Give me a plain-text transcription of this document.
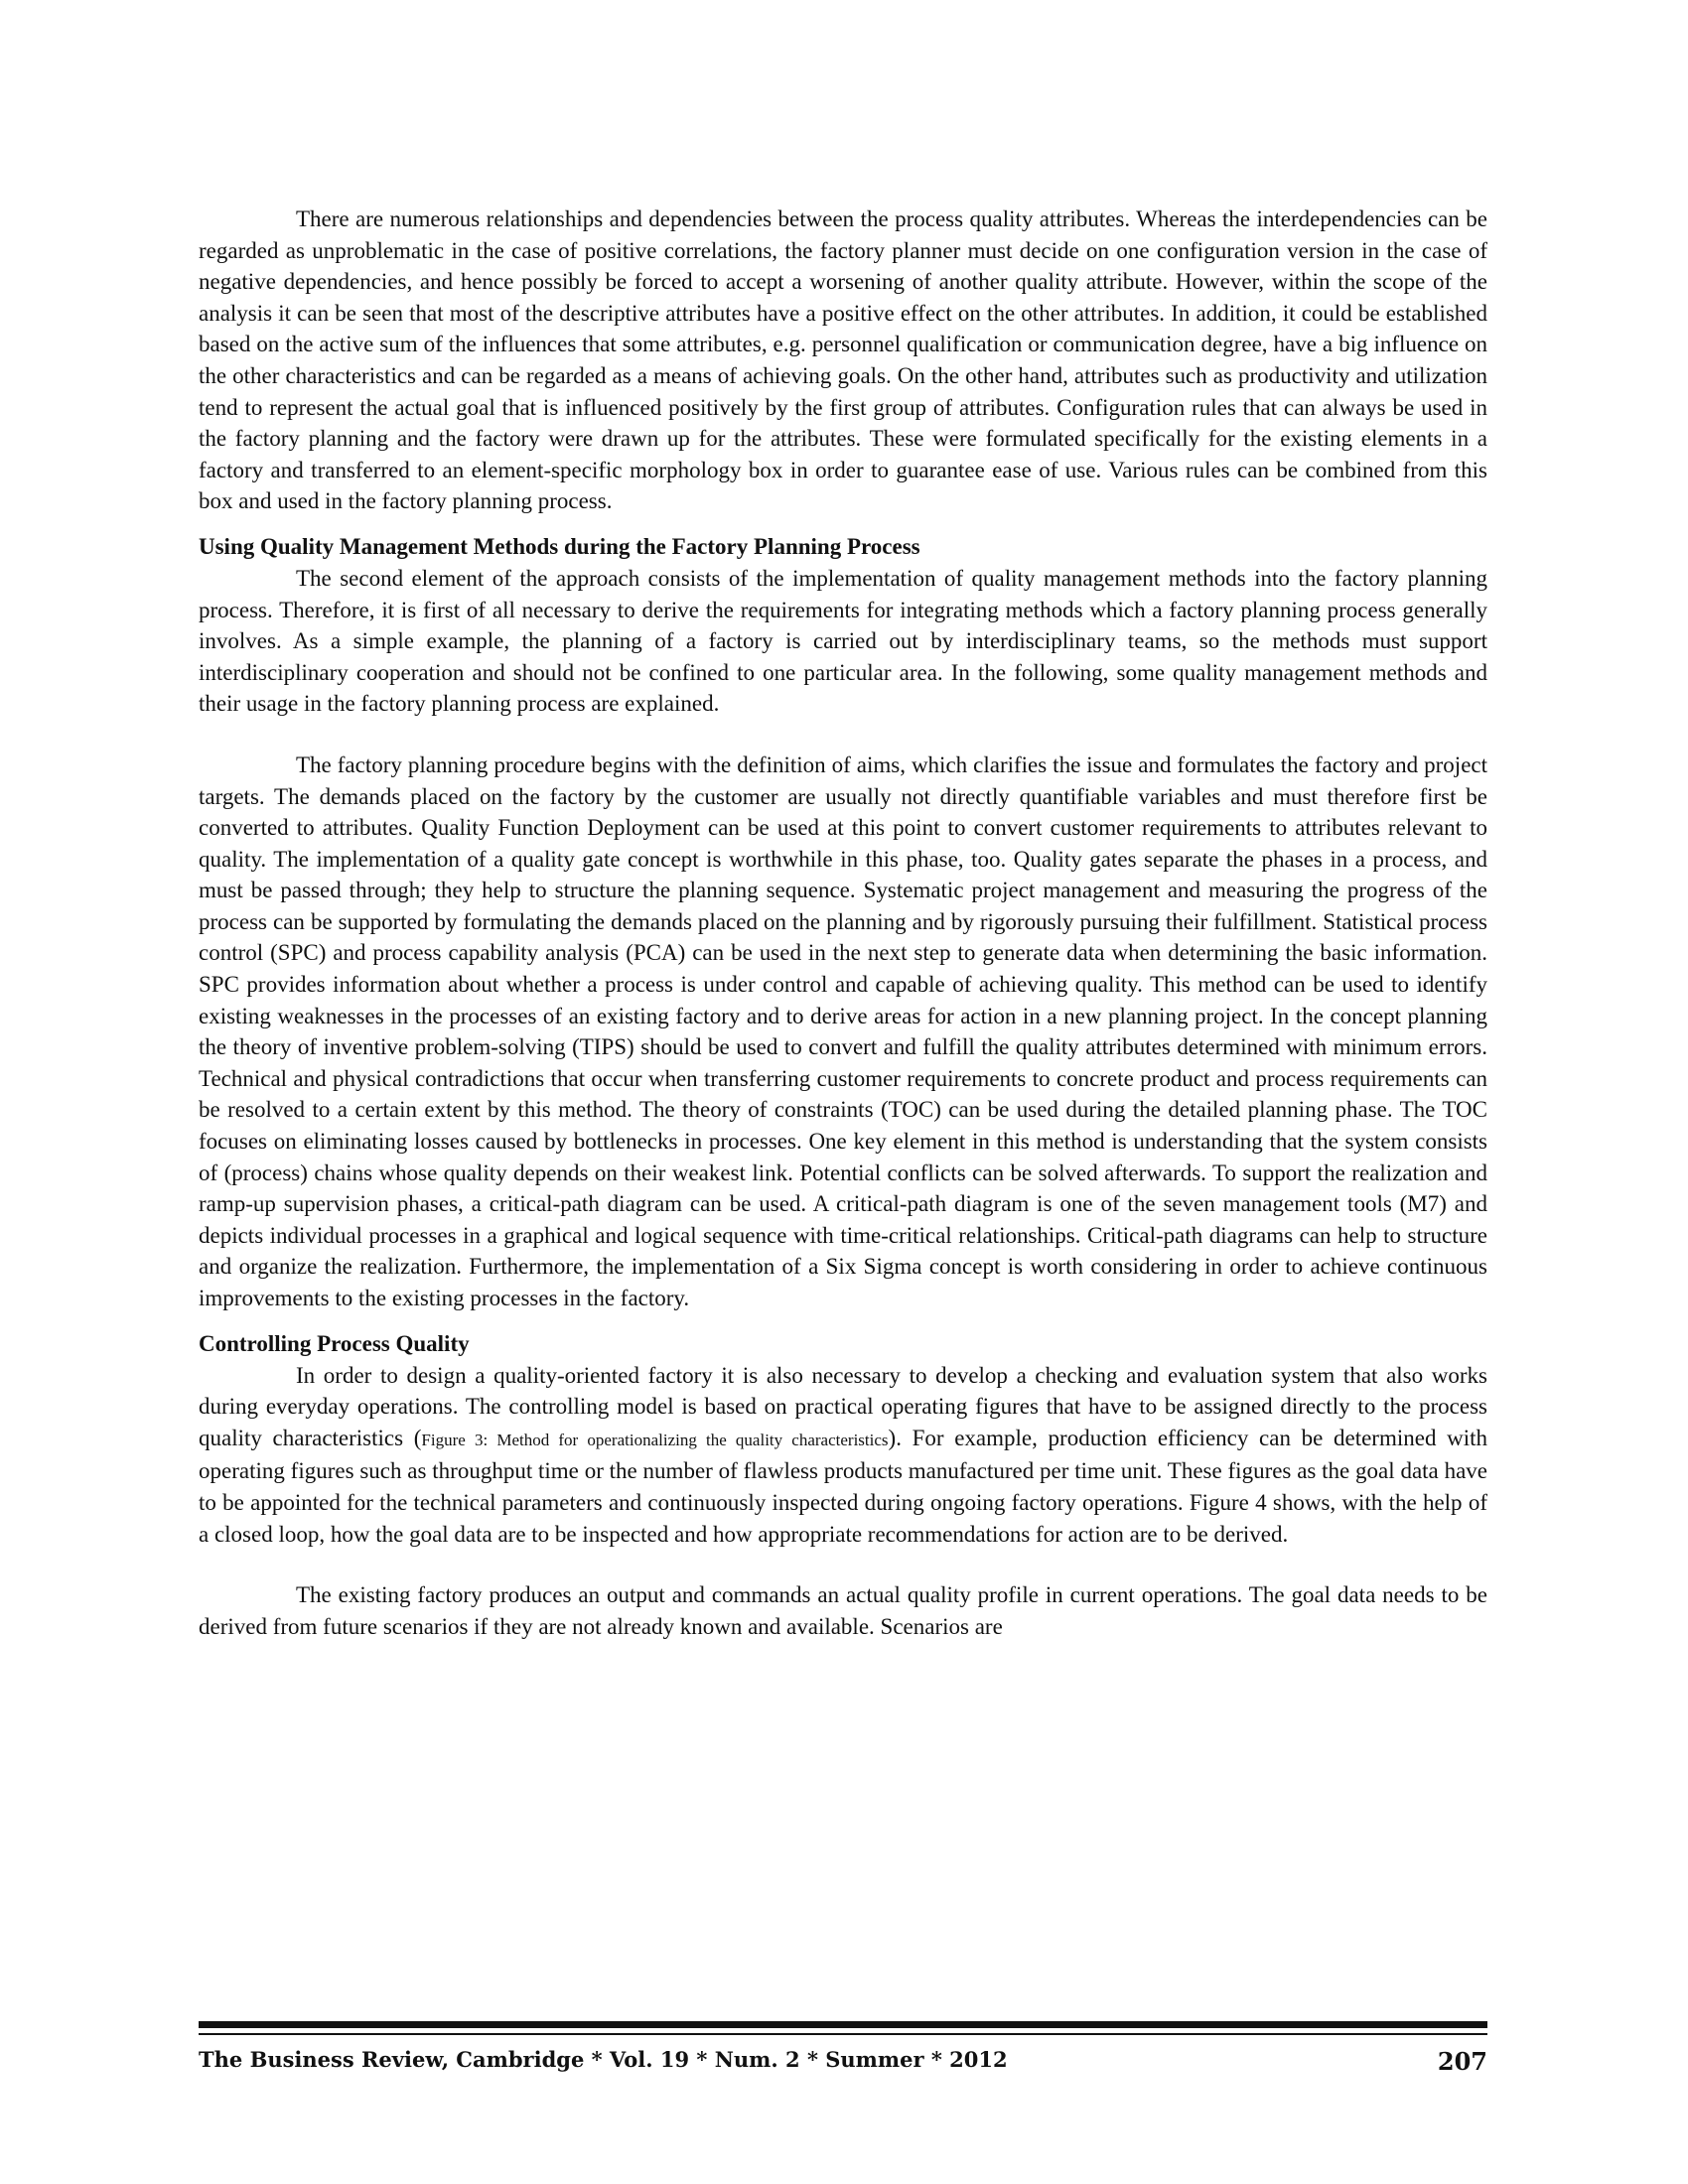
There are numerous relationships and dependencies between the process quality attributes. Whereas the interdependencies can be regarded as unproblematic in the case of positive correlations, the factory planner must decide on one configuration version in the case of negative dependencies, and hence possibly be forced to accept a worsening of another quality attribute. However, within the scope of the analysis it can be seen that most of the descriptive attributes have a positive effect on the other attributes. In addition, it could be established based on the active sum of the influences that some attributes, e.g. personnel qualification or communication degree, have a big influence on the other characteristics and can be regarded as a means of achieving goals. On the other hand, attributes such as productivity and utilization tend to represent the actual goal that is influenced positively by the first group of attributes. Configuration rules that can always be used in the factory planning and the factory were drawn up for the attributes. These were formulated specifically for the existing elements in a factory and transferred to an element-specific morphology box in order to guarantee ease of use. Various rules can be combined from this box and used in the factory planning process.

Using Quality Management Methods during the Factory Planning Process

The second element of the approach consists of the implementation of quality management methods into the factory planning process. Therefore, it is first of all necessary to derive the requirements for integrating methods which a factory planning process generally involves. As a simple example, the planning of a factory is carried out by interdisciplinary teams, so the methods must support interdisciplinary cooperation and should not be confined to one particular area. In the following, some quality management methods and their usage in the factory planning process are explained.

The factory planning procedure begins with the definition of aims, which clarifies the issue and formulates the factory and project targets. The demands placed on the factory by the customer are usually not directly quantifiable variables and must therefore first be converted to attributes. Quality Function Deployment can be used at this point to convert customer requirements to attributes relevant to quality. The implementation of a quality gate concept is worthwhile in this phase, too. Quality gates separate the phases in a process, and must be passed through; they help to structure the planning sequence. Systematic project management and measuring the progress of the process can be supported by formulating the demands placed on the planning and by rigorously pursuing their fulfillment. Statistical process control (SPC) and process capability analysis (PCA) can be used in the next step to generate data when determining the basic information. SPC provides information about whether a process is under control and capable of achieving quality. This method can be used to identify existing weaknesses in the processes of an existing factory and to derive areas for action in a new planning project. In the concept planning the theory of inventive problem-solving (TIPS) should be used to convert and fulfill the quality attributes determined with minimum errors. Technical and physical contradictions that occur when transferring customer requirements to concrete product and process requirements can be resolved to a certain extent by this method. The theory of constraints (TOC) can be used during the detailed planning phase. The TOC focuses on eliminating losses caused by bottlenecks in processes. One key element in this method is understanding that the system consists of (process) chains whose quality depends on their weakest link. Potential conflicts can be solved afterwards. To support the realization and ramp-up supervision phases, a critical-path diagram can be used. A critical-path diagram is one of the seven management tools (M7) and depicts individual processes in a graphical and logical sequence with time-critical relationships. Critical-path diagrams can help to structure and organize the realization. Furthermore, the implementation of a Six Sigma concept is worth considering in order to achieve continuous improvements to the existing processes in the factory.

Controlling Process Quality

In order to design a quality-oriented factory it is also necessary to develop a checking and evaluation system that also works during everyday operations. The controlling model is based on practical operating figures that have to be assigned directly to the process quality characteristics (Figure 3: Method for operationalizing the quality characteristics). For example, production efficiency can be determined with operating figures such as throughput time or the number of flawless products manufactured per time unit. These figures as the goal data have to be appointed for the technical parameters and continuously inspected during ongoing factory operations. Figure 4 shows, with the help of a closed loop, how the goal data are to be inspected and how appropriate recommendations for action are to be derived.

The existing factory produces an output and commands an actual quality profile in current operations. The goal data needs to be derived from future scenarios if they are not already known and available. Scenarios are

The Business Review, Cambridge * Vol. 19 * Num. 2 * Summer * 2012	207
